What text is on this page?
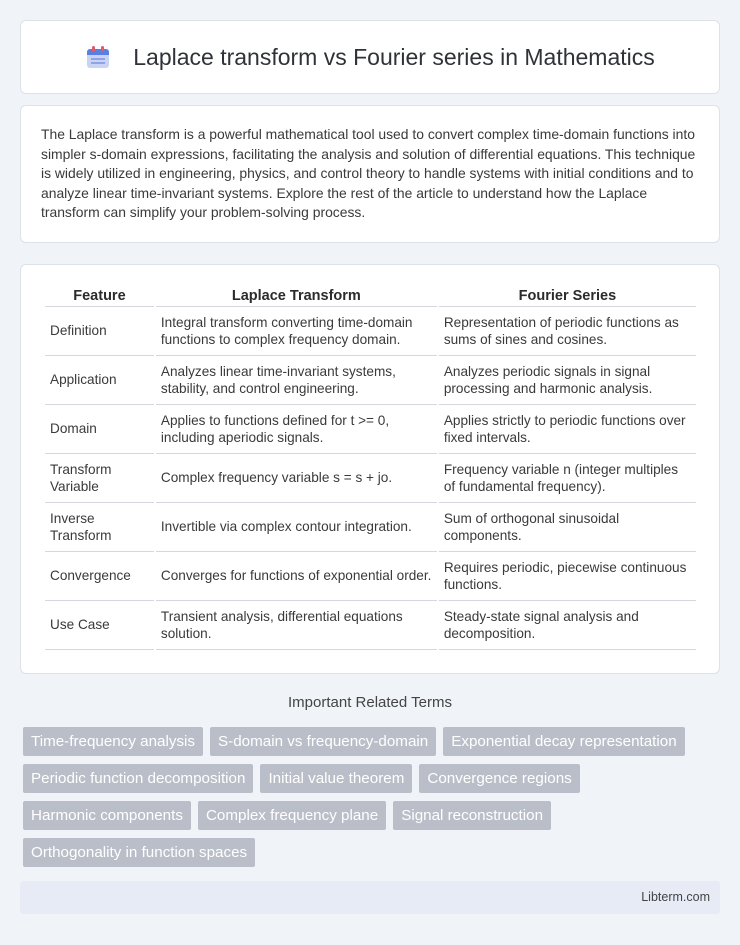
Laplace transform vs Fourier series in Mathematics

The Laplace transform is a powerful mathematical tool used to convert complex time-domain functions into simpler s-domain expressions, facilitating the analysis and solution of differential equations. This technique is widely utilized in engineering, physics, and control theory to handle systems with initial conditions and to analyze linear time-invariant systems. Explore the rest of the article to understand how the Laplace transform can simplify your problem-solving process.

Feature	Laplace Transform	Fourier Series
Definition	Integral transform converting time-domain functions to complex frequency domain.	Representation of periodic functions as sums of sines and cosines.
Application	Analyzes linear time-invariant systems, stability, and control engineering.	Analyzes periodic signals in signal processing and harmonic analysis.
Domain	Applies to functions defined for t >= 0, including aperiodic signals.	Applies strictly to periodic functions over fixed intervals.
Transform Variable	Complex frequency variable s = s + jo.	Frequency variable n (integer multiples of fundamental frequency).
Inverse Transform	Invertible via complex contour integration.	Sum of orthogonal sinusoidal components.
Convergence	Converges for functions of exponential order.	Requires periodic, piecewise continuous functions.
Use Case	Transient analysis, differential equations solution.	Steady-state signal analysis and decomposition.
Important Related Terms
Time-frequency analysis	S-domain vs frequency-domain	Exponential decay representation
Periodic function decomposition	Initial value theorem	Convergence regions
Harmonic components	Complex frequency plane	Signal reconstruction
Orthogonality in function spaces
Libterm.com
